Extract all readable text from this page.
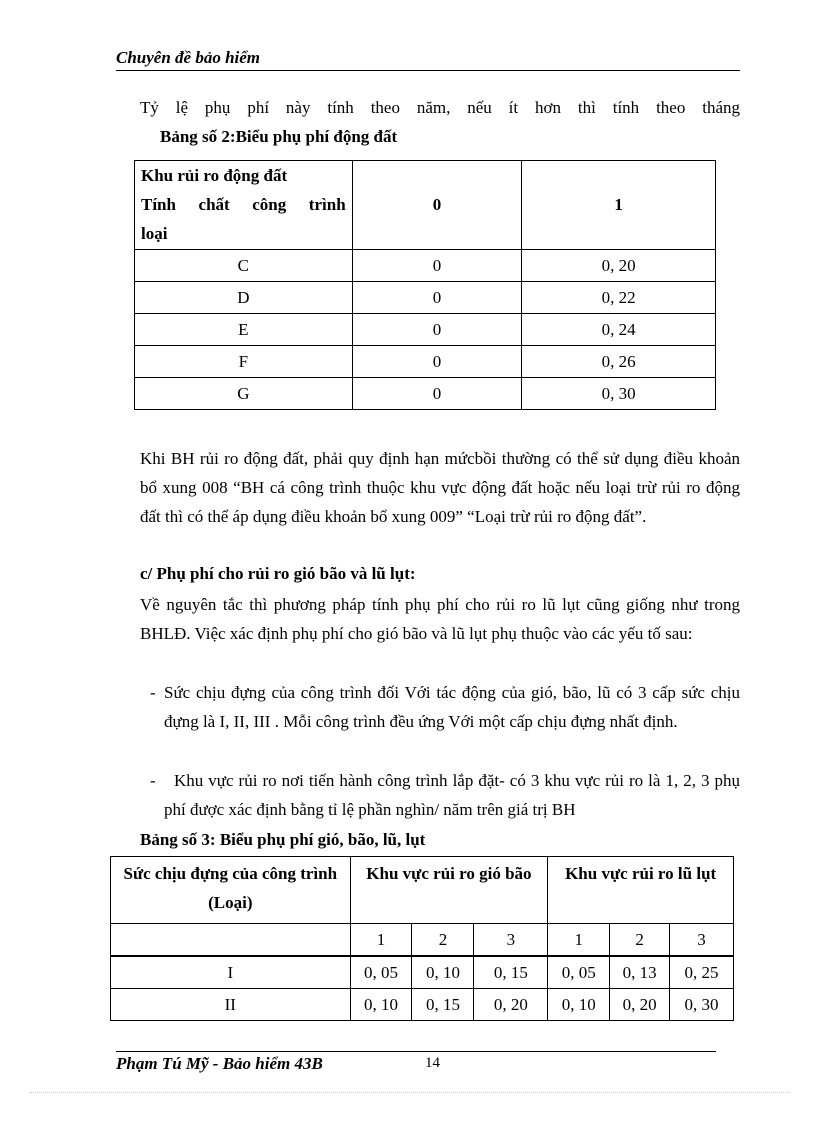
Chuyên đề bảo hiểm
Tỷ lệ phụ phí này tính theo năm, nếu ít hơn thì tính theo tháng
Bảng số 2:Biểu phụ phí động đất
Khu rủi ro động đất
Tính chất công trình
loại	0	1
C	0	0, 20
D	0	0, 22
E	0	0, 24
F	0	0, 26
G	0	0, 30
Khi BH rủi ro động đất, phải quy định hạn mứcbồi thường có thể sử dụng điều khoản bổ xung 008 “BH cá công trình thuộc khu vực động đất hoặc nếu loại trừ rủi ro động đất thì có thể áp dụng điều khoản bổ xung 009” “Loại trừ rủi ro động đất”.
c/ Phụ phí cho rủi ro gió bão và lũ lụt:
Về nguyên tắc thì phương pháp tính phụ phí cho rủi ro lũ lụt cũng giống như trong BHLĐ. Việc xác định phụ phí cho gió bão và lũ lụt phụ thuộc vào các yếu tố sau:
- Sức chịu đựng của công trình đối Với tác động của gió, bão, lũ có 3 cấp sức chịu đựng là I, II, III . Mỗi công trình đều ứng Với một cấp chịu đựng nhất định.
-	Khu vực rủi ro nơi tiến hành công trình lắp đặt- có 3 khu vực rủi ro là 1, 2, 3 phụ phí được xác định bằng tỉ lệ phần nghìn/ năm trên giá trị BH
Bảng số 3: Biểu phụ phí gió, bão, lũ, lụt
Sức chịu đựng của công trình (Loại)	Khu vực rủi ro gió bão			Khu vực rủi ro lũ lụt		
	1	2	3	1	2	3
I	0, 05	0, 10	0, 15	0, 05	0, 13	0, 25
II	0, 10	0, 15	0, 20	0, 10	0, 20	0, 30
Phạm Tú Mỹ - Bảo hiểm 43B	14
